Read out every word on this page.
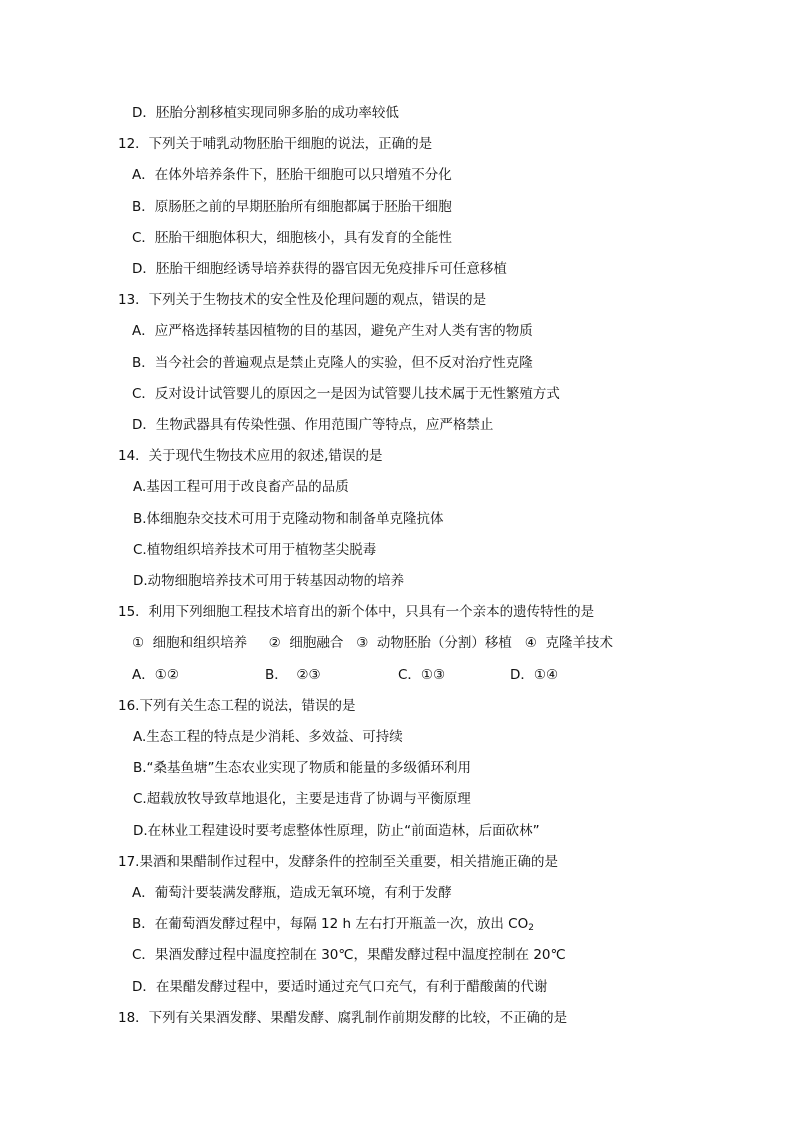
D．胚胎分割移植实现同卵多胎的成功率较低
12．下列关于哺乳动物胚胎干细胞的说法，正确的是
A．在体外培养条件下，胚胎干细胞可以只增殖不分化
B．原肠胚之前的早期胚胎所有细胞都属于胚胎干细胞
C．胚胎干细胞体积大，细胞核小，具有发育的全能性
D．胚胎干细胞经诱导培养获得的器官因无免疫排斥可任意移植
13．下列关于生物技术的安全性及伦理问题的观点，错误的是
A．应严格选择转基因植物的目的基因，避免产生对人类有害的物质
B．当今社会的普遍观点是禁止克隆人的实验，但不反对治疗性克隆
C．反对设计试管婴儿的原因之一是因为试管婴儿技术属于无性繁殖方式
D．生物武器具有传染性强、作用范围广等特点，应严格禁止
14．关于现代生物技术应用的叙述,错误的是
A.基因工程可用于改良畜产品的品质
B.体细胞杂交技术可用于克隆动物和制备单克隆抗体
C.植物组织培养技术可用于植物茎尖脱毒
D.动物细胞培养技术可用于转基因动物的培养
15．利用下列细胞工程技术培育出的新个体中，只具有一个亲本的遗传特性的是
①  细胞和组织培养     ②  细胞融合   ③  动物胚胎（分割）移植   ④  克隆羊技术
A．①②	B．  ②③	C．①③	D．①④
16.下列有关生态工程的说法，错误的是
A.生态工程的特点是少消耗、多效益、可持续
B.“桑基鱼塘”生态农业实现了物质和能量的多级循环利用
C.超载放牧导致草地退化，主要是违背了协调与平衡原理
D.在林业工程建设时要考虑整体性原理，防止“前面造林，后面砍林”
17.果酒和果醋制作过程中，发酵条件的控制至关重要，相关措施正确的是
A．葡萄汁要装满发酵瓶，造成无氧环境，有利于发酵
B．在葡萄酒发酵过程中，每隔 12 h 左右打开瓶盖一次，放出 $CO_2$
C．果酒发酵过程中温度控制在 30℃，果醋发酵过程中温度控制在 20℃
D．在果醋发酵过程中，要适时通过充气口充气，有利于醋酸菌的代谢
18．下列有关果酒发酵、果醋发酵、腐乳制作前期发酵的比较，不正确的是
